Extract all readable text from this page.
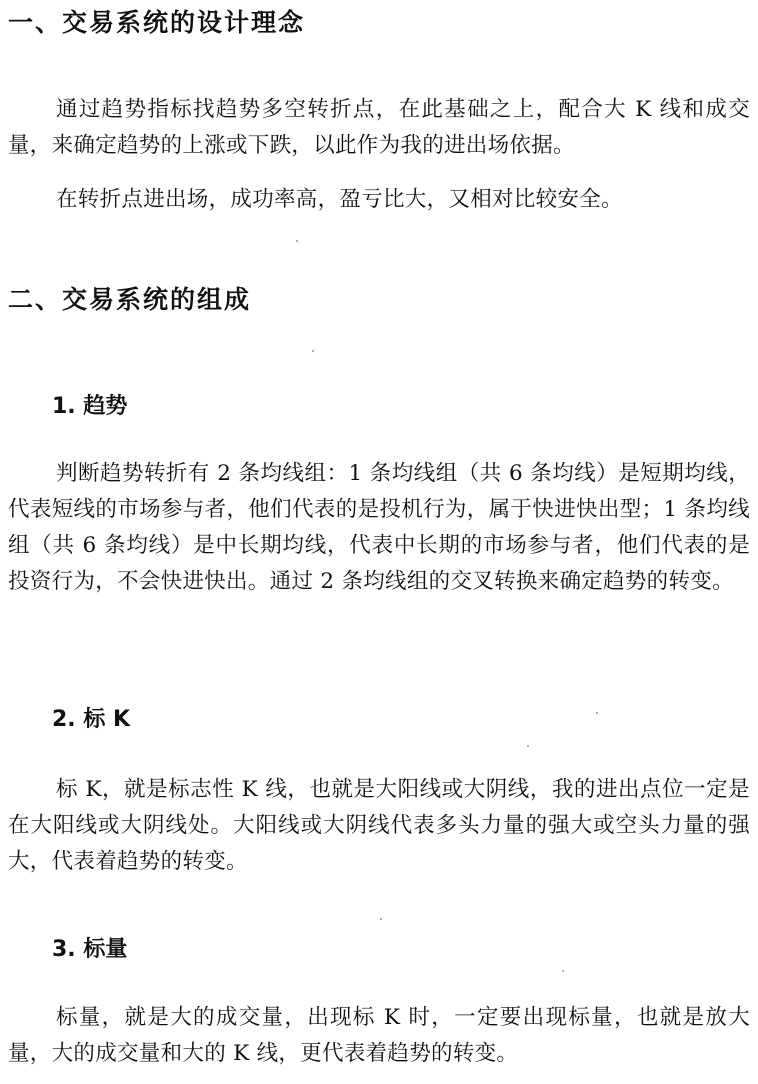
一、交易系统的设计理念

通过趋势指标找趋势多空转折点，在此基础之上，配合大 K 线和成交量，来确定趋势的上涨或下跌，以此作为我的进出场依据。

在转折点进出场，成功率高，盈亏比大，又相对比较安全。

二、交易系统的组成
1. 趋势

判断趋势转折有 2 条均线组：1 条均线组（共 6 条均线）是短期均线，代表短线的市场参与者，他们代表的是投机行为，属于快进快出型；1 条均线组（共 6 条均线）是中长期均线，代表中长期的市场参与者，他们代表的是投资行为，不会快进快出。通过 2 条均线组的交叉转换来确定趋势的转变。

2. 标 K

标 K，就是标志性 K 线，也就是大阳线或大阴线，我的进出点位一定是在大阳线或大阴线处。大阳线或大阴线代表多头力量的强大或空头力量的强大，代表着趋势的转变。

3. 标量

标量，就是大的成交量，出现标 K 时，一定要出现标量，也就是放大量，大的成交量和大的 K 线，更代表着趋势的转变。
